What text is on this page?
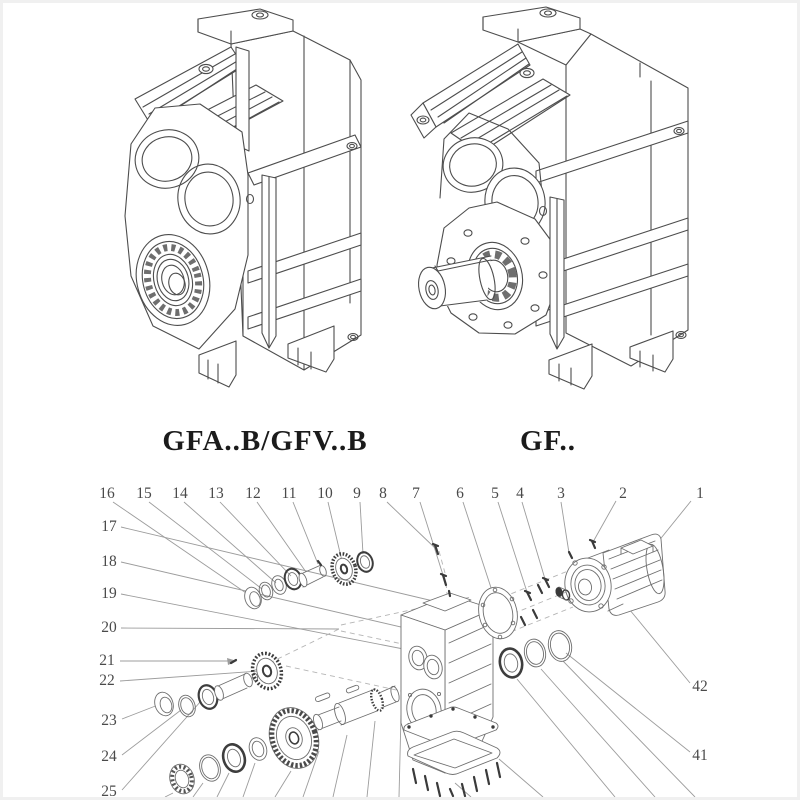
GFA..B/GFV..B	GF..
1
2
3
4
5
6
7
8
9
10
11
12
13
14
15
16
17
18
19
20
21
22
23
24
25
42
41
